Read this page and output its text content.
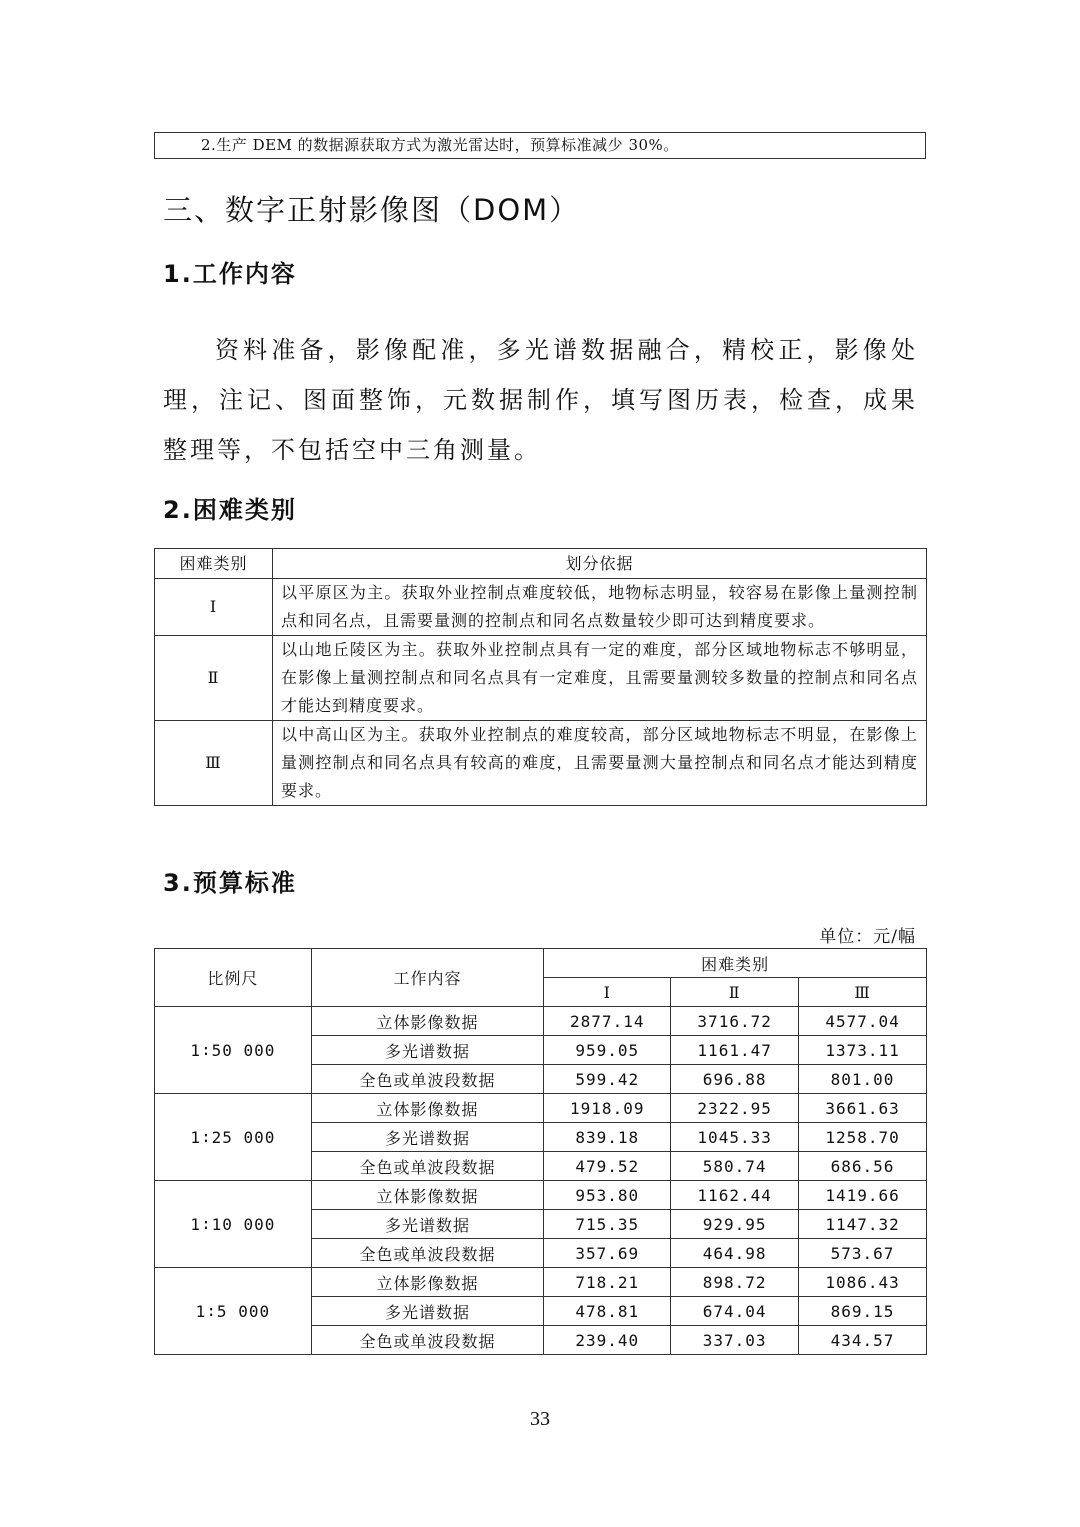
2.生产 DEM 的数据源获取方式为激光雷达时，预算标准减少 30%。
三、数字正射影像图（DOM）
1.工作内容
资料准备，影像配准，多光谱数据融合，精校正，影像处理，注记、图面整饰，元数据制作，填写图历表，检查，成果整理等，不包括空中三角测量。
2.困难类别
困难类别	划分依据
Ⅰ	以平原区为主。获取外业控制点难度较低，地物标志明显，较容易在影像上量测控制点和同名点，且需要量测的控制点和同名点数量较少即可达到精度要求。
Ⅱ	以山地丘陵区为主。获取外业控制点具有一定的难度，部分区域地物标志不够明显，在影像上量测控制点和同名点具有一定难度，且需要量测较多数量的控制点和同名点才能达到精度要求。
Ⅲ	以中高山区为主。获取外业控制点的难度较高，部分区域地物标志不明显，在影像上量测控制点和同名点具有较高的难度，且需要量测大量控制点和同名点才能达到精度要求。
3.预算标准
单位：元/幅
比例尺	工作内容	困难类别		
		Ⅰ	Ⅱ	Ⅲ
1∶50 000	立体影像数据	2877.14	3716.72	4577.04
	多光谱数据	959.05	1161.47	1373.11
	全色或单波段数据	599.42	696.88	801.00
1∶25 000	立体影像数据	1918.09	2322.95	3661.63
	多光谱数据	839.18	1045.33	1258.70
	全色或单波段数据	479.52	580.74	686.56
1∶10 000	立体影像数据	953.80	1162.44	1419.66
	多光谱数据	715.35	929.95	1147.32
	全色或单波段数据	357.69	464.98	573.67
1∶5 000	立体影像数据	718.21	898.72	1086.43
	多光谱数据	478.81	674.04	869.15
	全色或单波段数据	239.40	337.03	434.57
33
